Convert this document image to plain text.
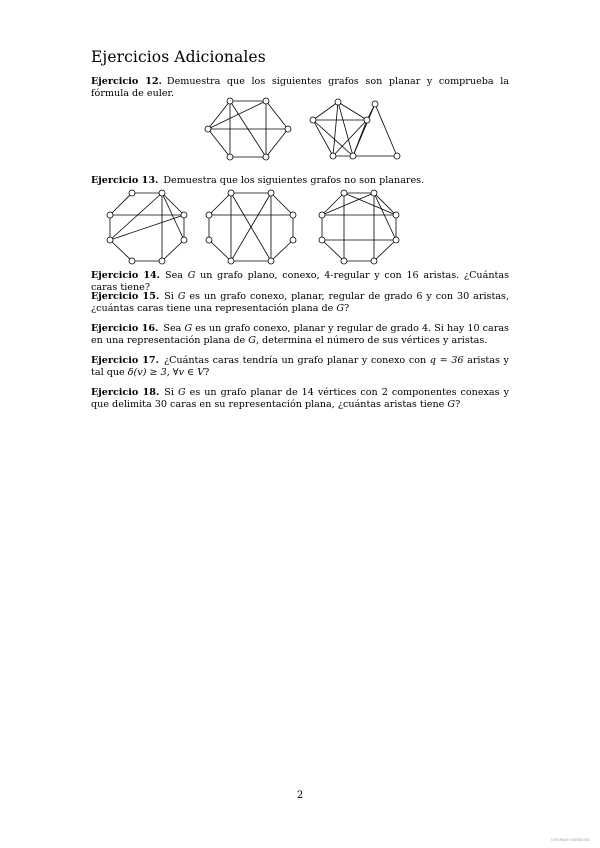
Ejercicios Adicionales

Ejercicio 12. Demuestra que los siguientes grafos son planar y comprueba la fórmula de euler.

Ejercicio 13. Demuestra que los siguientes grafos no son planares.

Ejercicio 14. Sea G un grafo plano, conexo, 4-regular y con 16 aristas. ¿Cuántas caras tiene?

Ejercicio 15. Si G es un grafo conexo, planar, regular de grado 6 y con 30 aristas, ¿cuántas caras tiene una representación plana de G?

Ejercicio 16. Sea G es un grafo conexo, planar y regular de grado 4. Si hay 10 caras en una representación plana de G, determina el número de sus vértices y aristas.

Ejercicio 17. ¿Cuántas caras tendría un grafo planar y conexo con q = 36 aristas y tal que δ(v) ≥ 3, ∀v ∈ V?

Ejercicio 18. Si G es un grafo planar de 14 vértices con 2 componentes conexas y que delimita 30 caras en su representación plana, ¿cuántas aristas tiene G?

2
OCR/MATH EXERCISES
